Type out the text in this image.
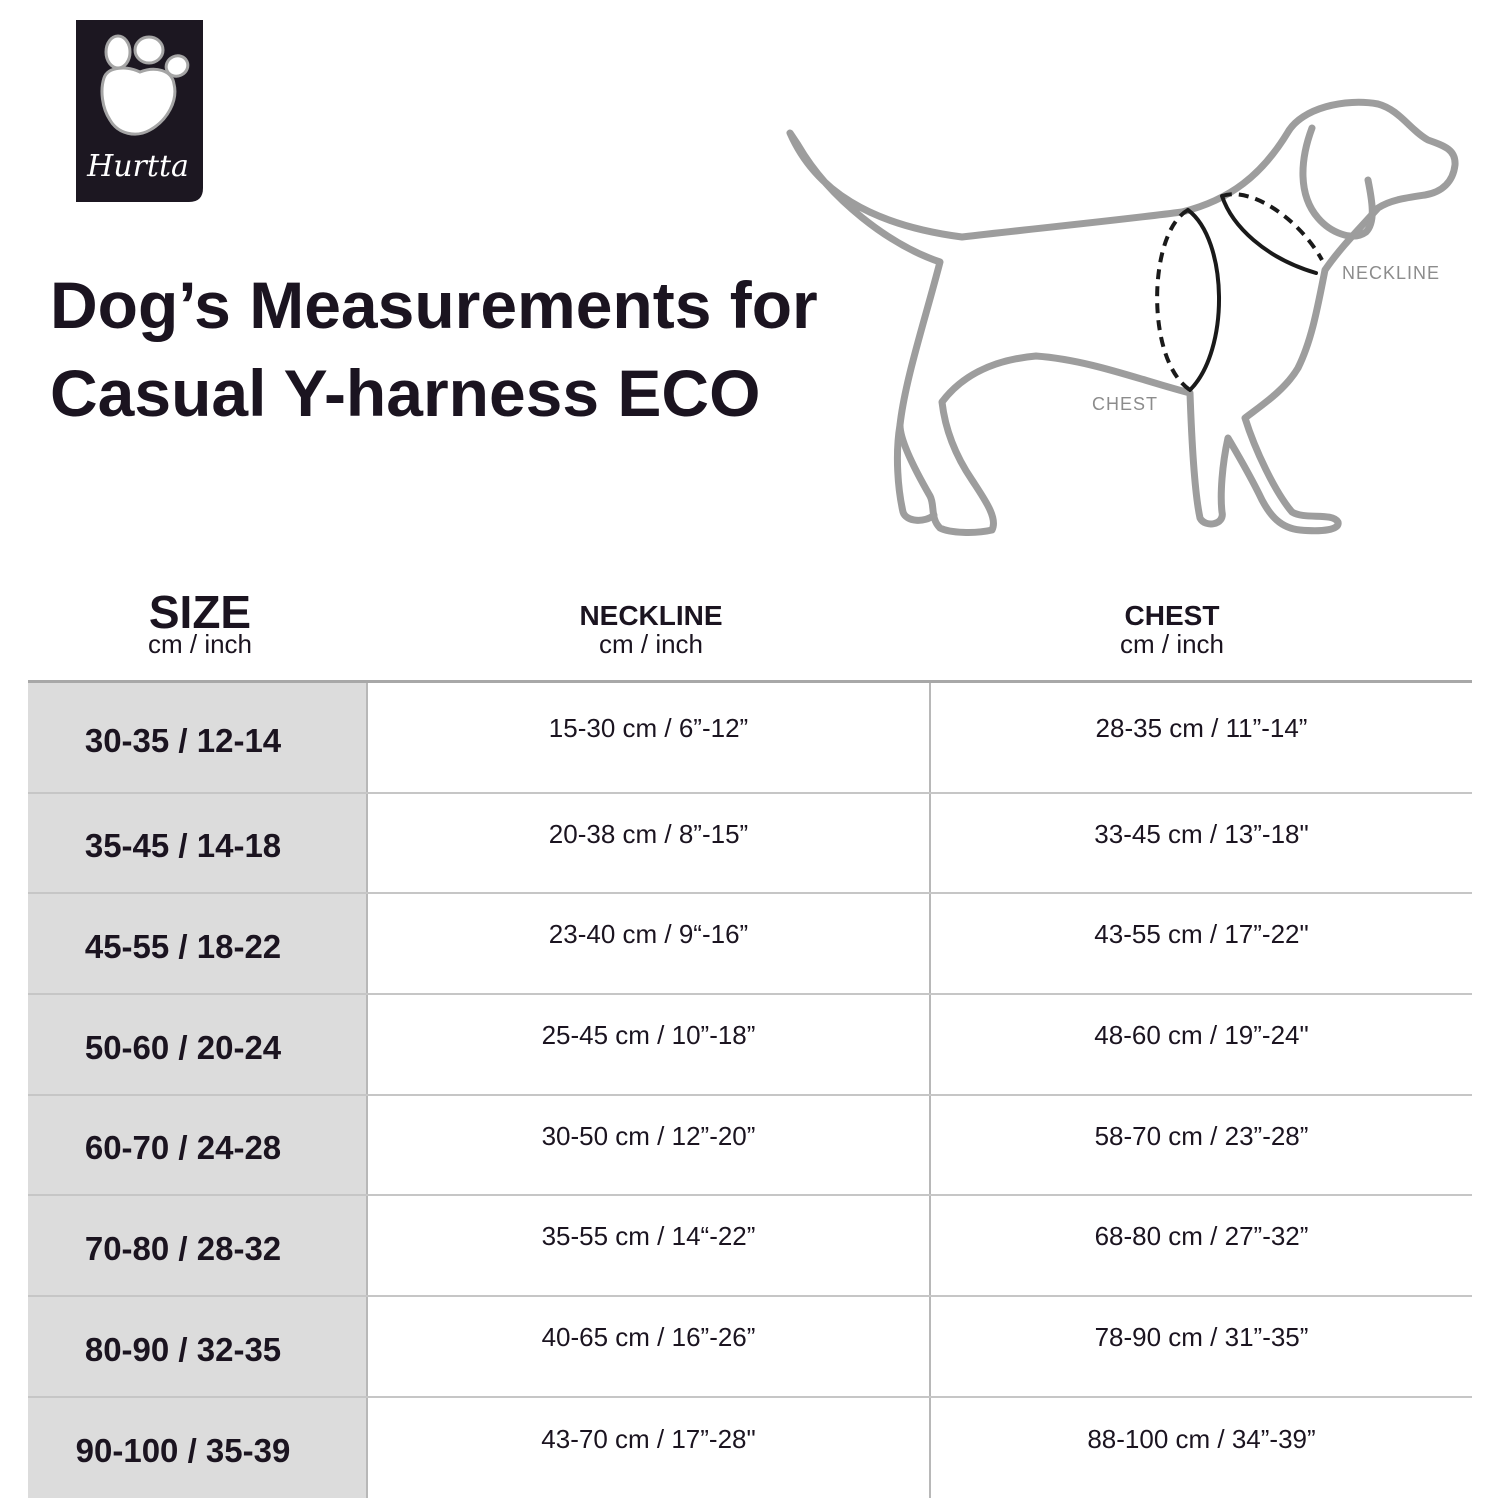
Hurtta
Dog’s Measurements for
Casual Y-harness ECO
NECKLINE
CHEST
SIZE
cm / inch
NECKLINE
cm / inch
CHEST
cm / inch
30-35 / 12-14	15-30 cm / 6”-12”	28-35 cm / 11”-14”
35-45 / 14-18	20-38 cm / 8”-15”	33-45 cm / 13”-18"
45-55 / 18-22	23-40 cm / 9“-16”	43-55 cm / 17”-22"
50-60 / 20-24	25-45 cm / 10”-18”	48-60 cm / 19”-24"
60-70 / 24-28	30-50 cm / 12”-20”	58-70 cm / 23”-28”
70-80 / 28-32	35-55 cm / 14“-22”	68-80 cm / 27”-32”
80-90 / 32-35	40-65 cm / 16”-26”	78-90 cm / 31”-35”
90-100 / 35-39	43-70 cm / 17”-28"	88-100 cm / 34”-39”
